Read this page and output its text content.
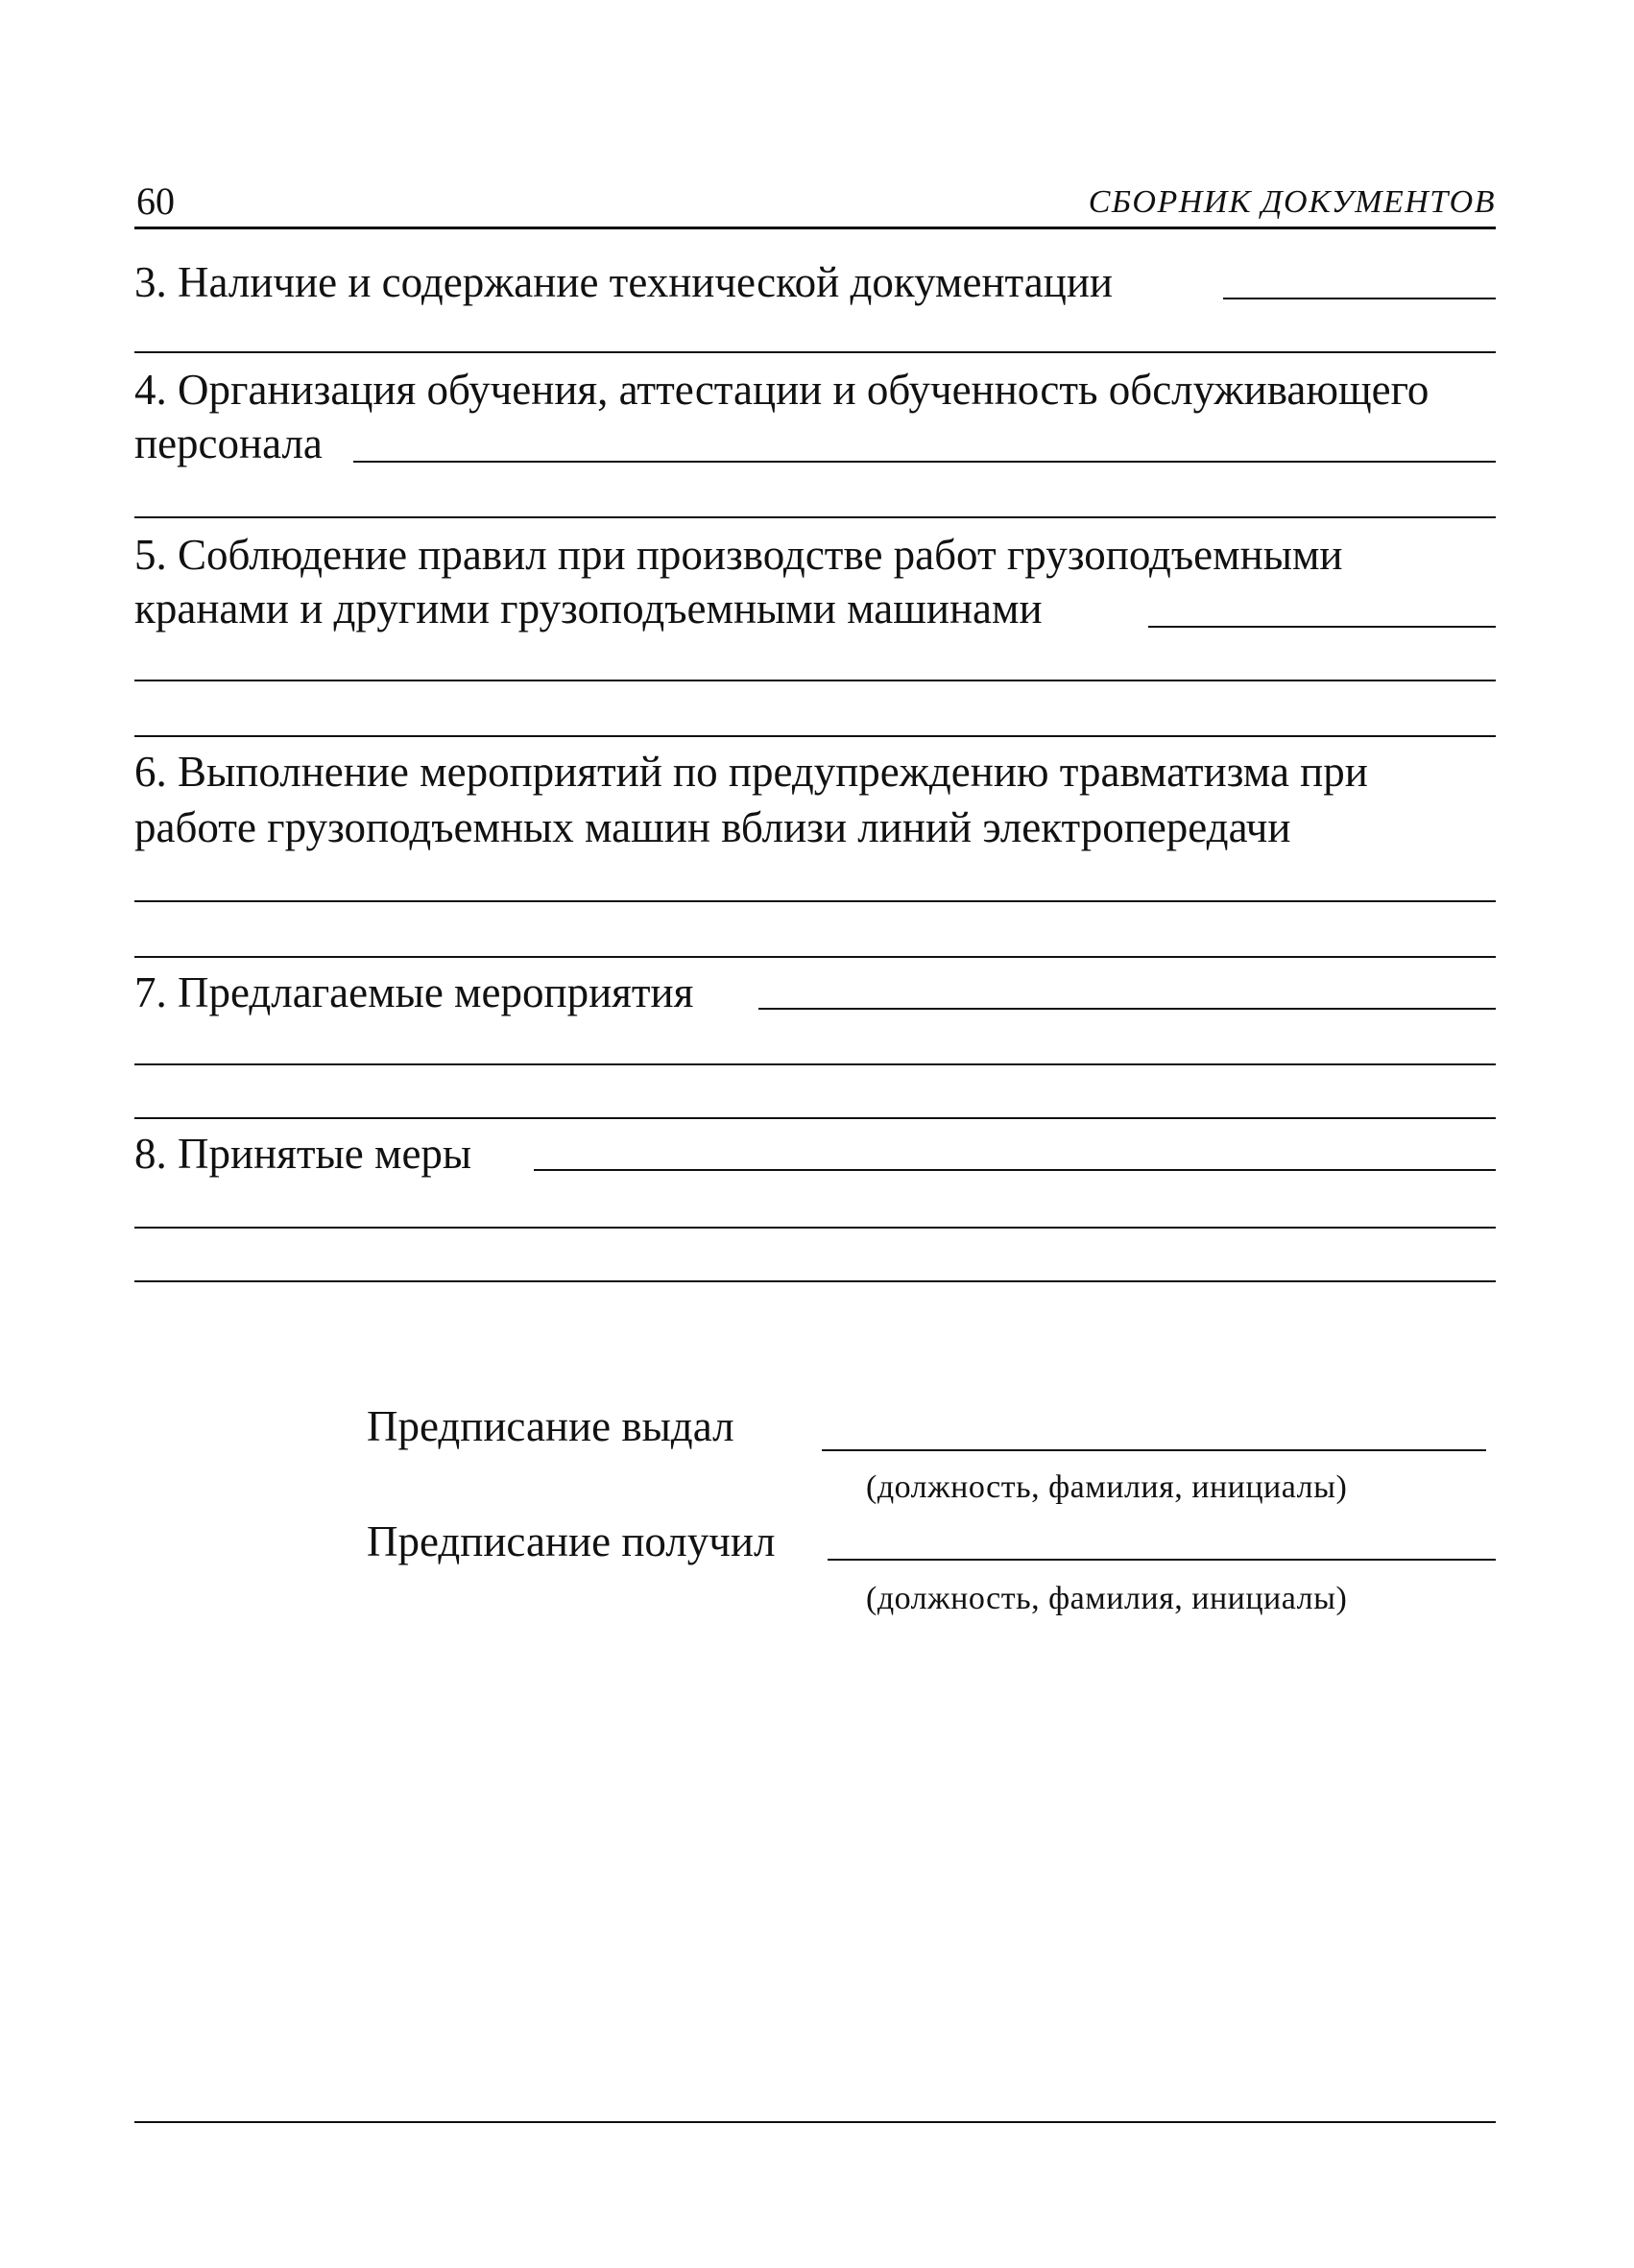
60	СБОРНИК ДОКУМЕНТОВ
3. Наличие и содержание технической документации
4. Организация обучения, аттестации и обученность обслуживающего
персонала
5. Соблюдение правил при производстве работ грузоподъемными
кранами и другими грузоподъемными машинами
6. Выполнение мероприятий по предупреждению травматизма при
работе грузоподъемных машин вблизи линий электропередачи
7. Предлагаемые мероприятия
8. Принятые меры
Предписание выдал
(должность, фамилия, инициалы)
Предписание получил
(должность, фамилия, инициалы)
